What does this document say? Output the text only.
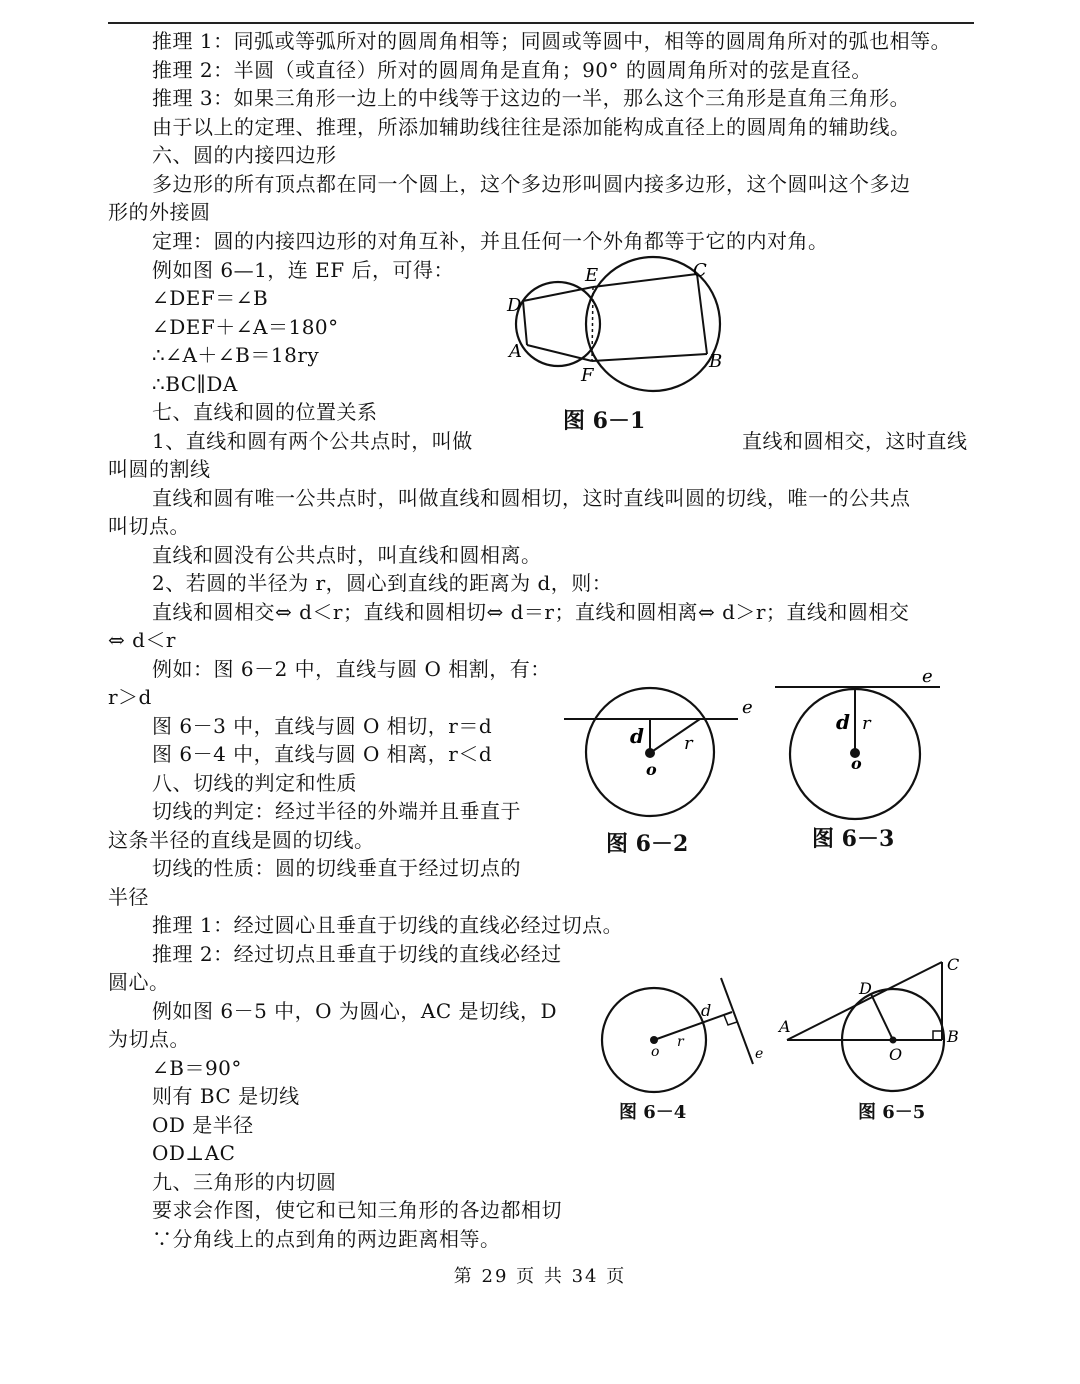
推理 1：同弧或等弧所对的圆周角相等；同圆或等圆中，相等的圆周角所对的弧也相等。
推理 2：半圆（或直径）所对的圆周角是直角；90° 的圆周角所对的弦是直径。
推理 3：如果三角形一边上的中线等于这边的一半，那么这个三角形是直角三角形。
由于以上的定理、推理，所添加辅助线往往是添加能构成直径上的圆周角的辅助线。
六、圆的内接四边形
多边形的所有顶点都在同一个圆上，这个多边形叫圆内接多边形，这个圆叫这个多边
形的外接圆
定理：圆的内接四边形的对角互补，并且任何一个外角都等于它的内对角。
例如图 6—1，连 EF 后，可得：
∠DEF＝∠B
∠DEF＋∠A＝180°
∴∠A＋∠B＝18ry
∴BC∥DA
七、直线和圆的位置关系
1、直线和圆有两个公共点时，叫做	直线和圆相交，这时直线
叫圆的割线
直线和圆有唯一公共点时，叫做直线和圆相切，这时直线叫圆的切线，唯一的公共点
叫切点。
直线和圆没有公共点时，叫直线和圆相离。
2、若圆的半径为 r，圆心到直线的距离为 d，则：
直线和圆相交⇔ d＜r；直线和圆相切⇔ d＝r；直线和圆相离⇔ d＞r；直线和圆相交
⇔ d＜r
例如：图 6－2 中，直线与圆 O 相割，有：
r＞d
图 6－3 中，直线与圆 O 相切，r＝d
图 6－4 中，直线与圆 O 相离，r＜d
八、切线的判定和性质
切线的判定：经过半径的外端并且垂直于
这条半径的直线是圆的切线。
切线的性质：圆的切线垂直于经过切点的
半径
推理 1：经过圆心且垂直于切线的直线必经过切点。
推理 2：经过切点且垂直于切线的直线必经过
圆心。
例如图 6－5 中，O 为圆心，AC 是切线，D
为切点。
∠B＝90°
则有 BC 是切线
OD 是半径
OD⊥AC
九、三角形的内切圆
要求会作图，使它和已知三角形的各边都相切
∵分角线上的点到角的两边距离相等。
E	C
D
A
F
B
图 6－1
e
d r
o
图 6－2
e
d r
o
图 6－3
d
o
r
e
图 6－4
C
D
A
B
O
图 6－5
第 29 页 共 34 页
